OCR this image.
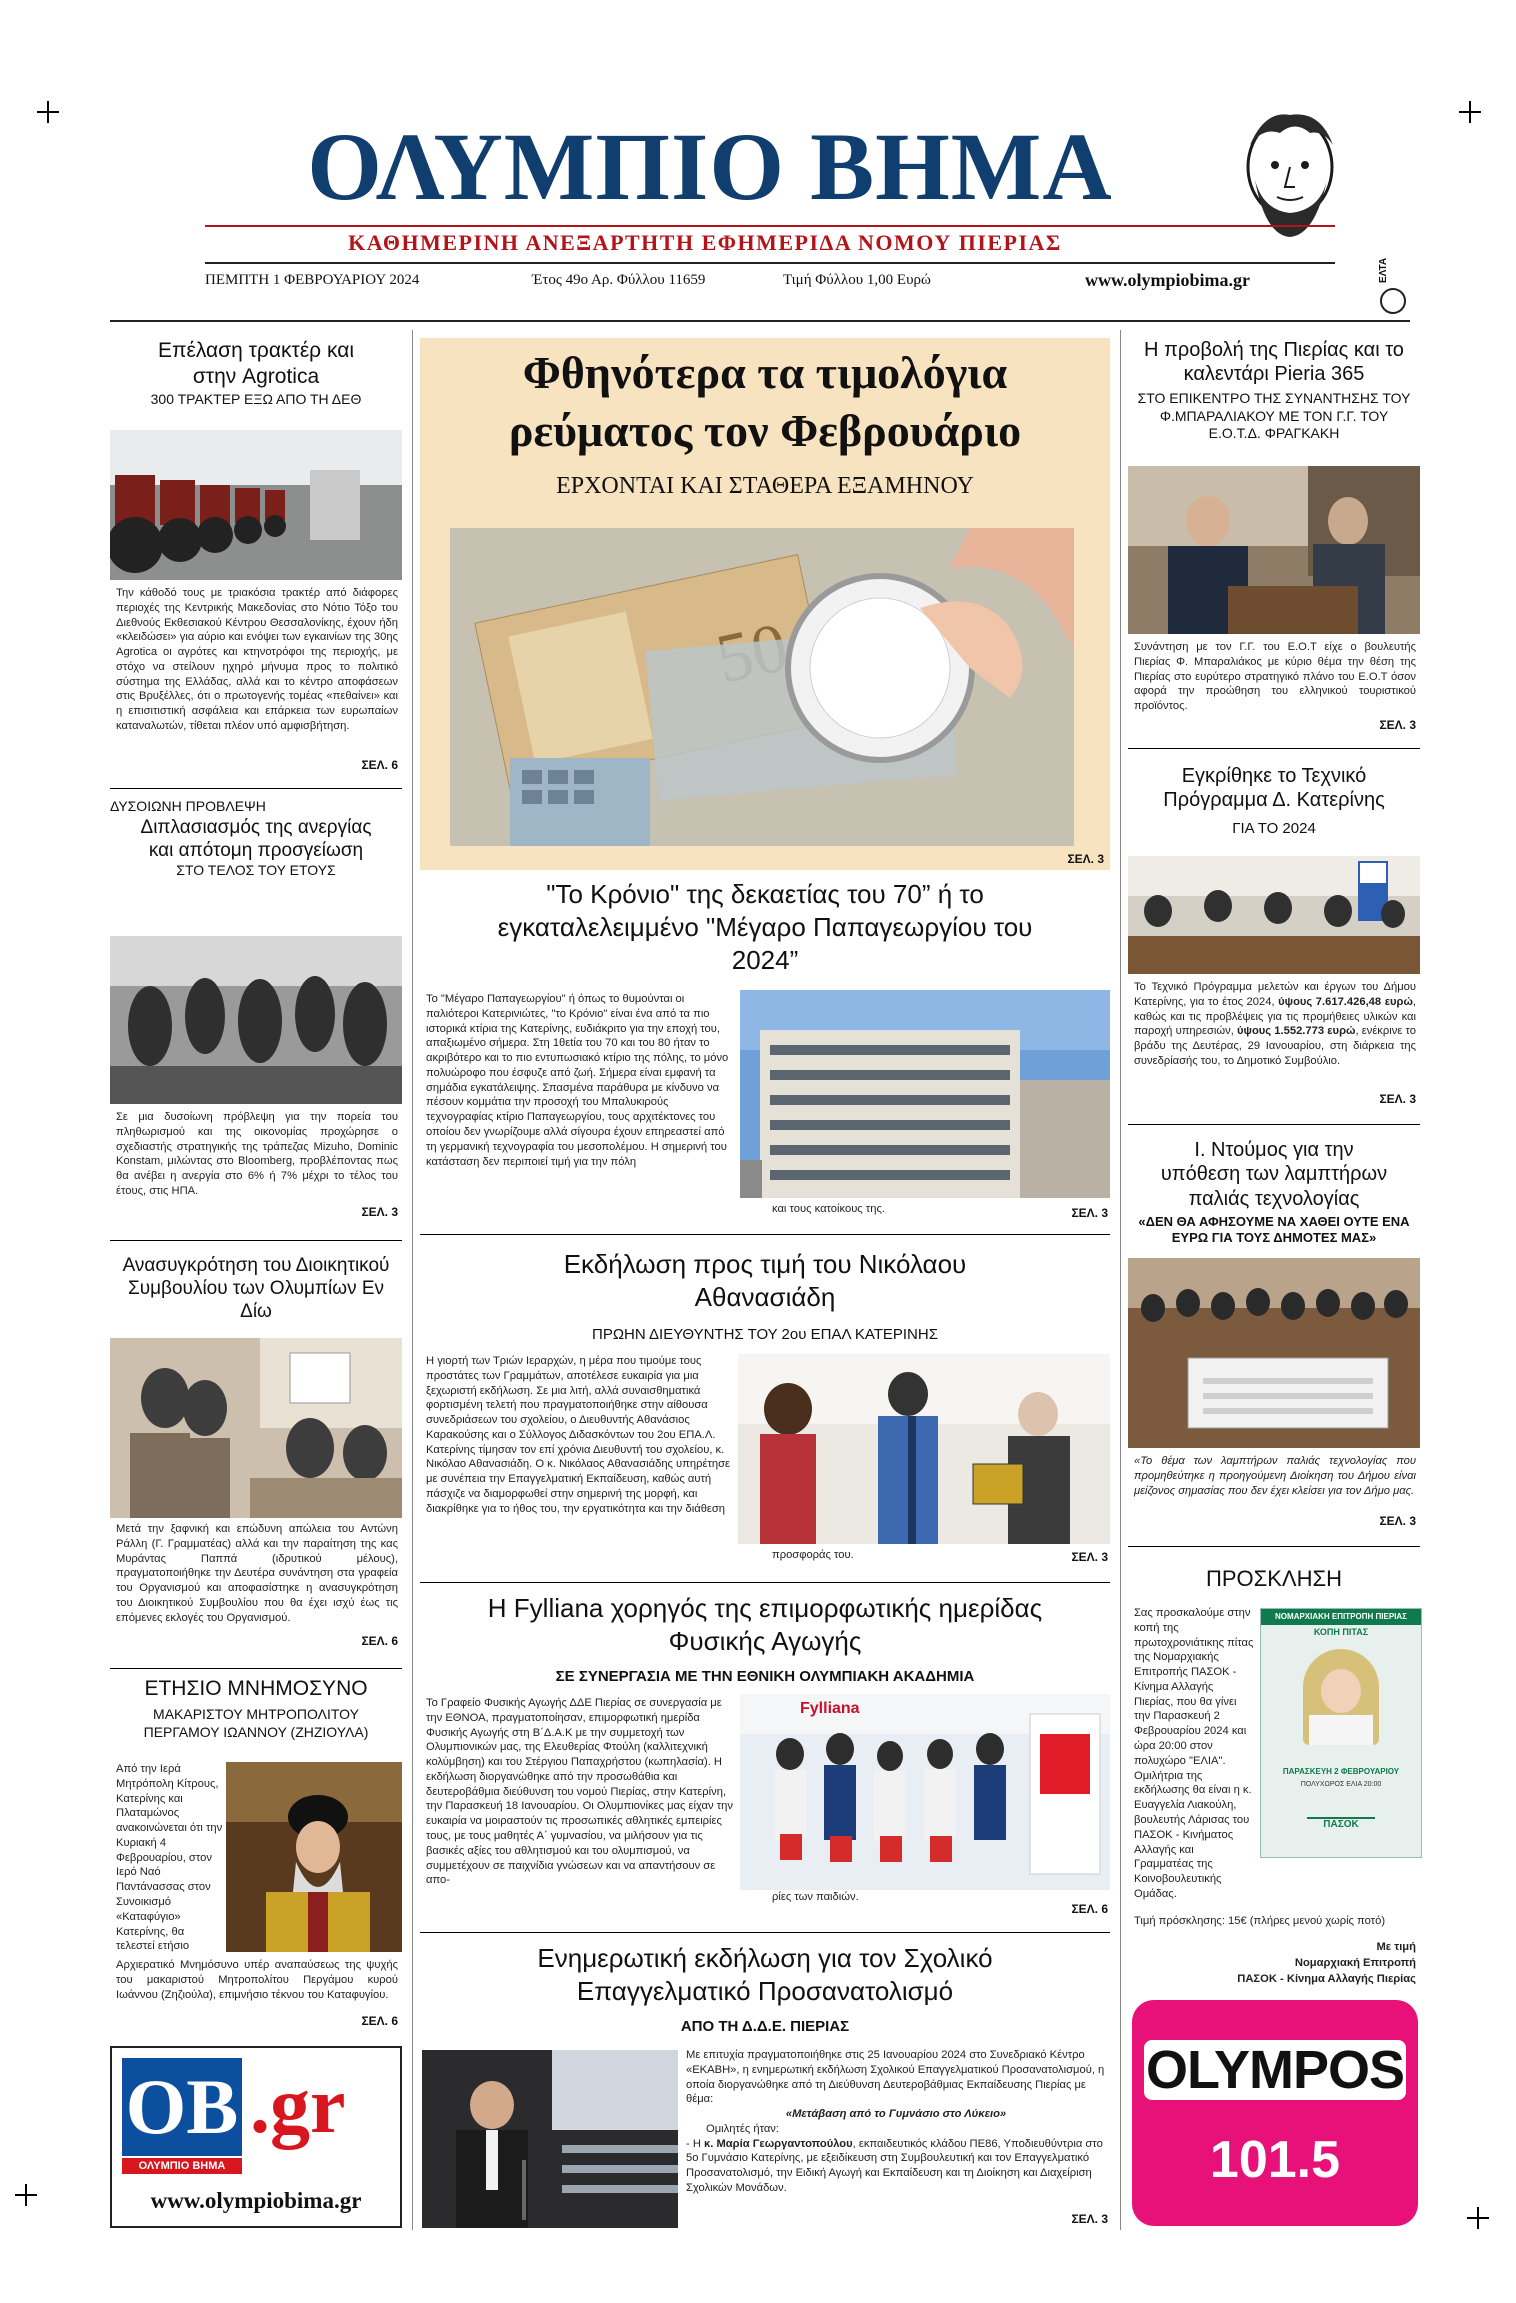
ΟΛΥΜΠΙΟ ΒΗΜΑ
ΚΑΘΗΜΕΡΙΝΗ ΑΝΕΞΑΡΤΗΤΗ ΕΦΗΜΕΡΙΔΑ ΝΟΜΟΥ ΠΙΕΡΙΑΣ
ΠΕΜΠΤΗ 1 ΦΕΒΡΟΥΑΡΙΟΥ 2024	Έτος 49ο Αρ. Φύλλου 11659	Τιμή Φύλλου 1,00 Ευρώ	www.olympiobima.gr	ΕΛΤΑ
Επέλαση τρακτέρ και στην Agrotica
300 ΤΡΑΚΤΕΡ ΕΞΩ ΑΠΟ ΤΗ ΔΕΘ
Την κάθοδό τους με τριακόσια τρακτέρ από διάφορες περιοχές της Κεντρικής Μακεδονίας στο Νότιο Τόξο του Διεθνούς Εκθεσιακού Κέντρου Θεσσαλονίκης, έχουν ήδη «κλειδώσει» για αύριο και ενόψει των εγκαινίων της 30ης Agrotica οι αγρότες και κτηνοτρόφοι της περιοχής, με στόχο να στείλουν ηχηρό μήνυμα προς το πολιτικό σύστημα της Ελλάδας, αλλά και το κέντρο αποφάσεων στις Βρυξέλλες, ότι ο πρωτογενής τομέας «πεθαίνει» και η επισιτιστική ασφάλεια και επάρκεια των ευρωπαίων καταναλωτών, τίθεται πλέον υπό αμφισβήτηση.
ΣΕΛ. 6
ΔΥΣΟΙΩΝΗ ΠΡΟΒΛΕΨΗ
Διπλασιασμός της ανεργίας και απότομη προσγείωση
ΣΤΟ ΤΕΛΟΣ ΤΟΥ ΕΤΟΥΣ
Σε μια δυσοίωνη πρόβλεψη για την πορεία του πληθωρισμού και της οικονομίας προχώρησε ο σχεδιαστής στρατηγικής της τράπεζας Mizuho, Dominic Konstam, μιλώντας στο Bloomberg, προβλέποντας πως θα ανέβει η ανεργία στο 6% ή 7% μέχρι το τέλος του έτους, στις ΗΠΑ.
ΣΕΛ. 3
Ανασυγκρότηση του Διοικητικού Συμβουλίου των Ολυμπίων Εν Δίω
Μετά την ξαφνική και επώδυνη απώλεια του Αντώνη Ράλλη (Γ. Γραμματέας) αλλά και την παραίτηση της κας Μυράντας Παππά (ιδρυτικού μέλους), πραγματοποιήθηκε την Δευτέρα συνάντηση στα γραφεία του Οργανισμού και αποφασίστηκε η ανασυγκρότηση του Διοικητικού Συμβουλίου που θα έχει ισχύ έως τις επόμενες εκλογές του Οργανισμού.
ΣΕΛ. 6
ΕΤΗΣΙΟ ΜΝΗΜΟΣΥΝΟ
ΜΑΚΑΡΙΣΤΟΥ ΜΗΤΡΟΠΟΛΙΤΟΥ ΠΕΡΓΑΜΟΥ ΙΩΑΝΝΟΥ (ΖΗΖΙΟΥΛΑ)
Από την Ιερά Μητρόπολη Κίτρους, Κατερίνης και Πλαταμώνος ανακοινώνεται ότι την Κυριακή 4 Φεβρουαρίου, στον Ιερό Ναό Παντάνασσας στον Συνοικισμό «Καταφύγιο» Κατερίνης, θα τελεστεί ετήσιο
Αρχιερατικό Μνημόσυνο υπέρ αναπαύσεως της ψυχής του μακαριστού Μητροπολίτου Περγάμου κυρού Ιωάννου (Ζηζιούλα), επιμνήσιο τέκνου του Καταφυγίου.
ΣΕΛ. 6
ΟΒ .gr
ΟΛΥΜΠΙΟ ΒΗΜΑ
www.olympiobima.gr
Φθηνότερα τα τιμολόγια ρεύματος τον Φεβρουάριο
ΕΡΧΟΝΤΑΙ ΚΑΙ ΣΤΑΘΕΡΑ ΕΞΑΜΗΝΟΥ
ΣΕΛ. 3
"Το Κρόνιο" της δεκαετίας του 70” ή το εγκαταλελειμμένο "Μέγαρο Παπαγεωργίου του 2024”
Το "Μέγαρο Παπαγεωργίου" ή όπως το θυμούνται οι παλιότεροι Κατερινιώτες, "το Κρόνιο" είναι ένα από τα πιο ιστορικά κτίρια της Κατερίνης, ευδιάκριτο για την εποχή του, απαξιωμένο σήμερα. Στη 1θεtία του 70 και του 80 ήταν το ακριβότερο και το πιο εντυπωσιακό κτίριο της πόλης, το μόνο πολυώροφο που έσφυζε από ζωή. Σήμερα είναι εμφανή τα σημάδια εγκατάλειψης. Σπασμένα παράθυρα με κίνδυνο να πέσουν κομμάτια την προσοχή του Μπαλυκιρούς τεχνογραφίας κτίριο Παπαγεωργίου, τους αρχιτέκτονες του οποίου δεν γνωρίζουμε αλλά σίγουρα έχουν επηρεαστεί από τη γερμανική τεχνογραφία του μεσοπολέμου. Η σημερινή του κατάσταση δεν περιποιεί τιμή για την πόλη
και τους κατοίκους της.	ΣΕΛ. 3
Εκδήλωση προς τιμή του Νικόλαου Αθανασιάδη
ΠΡΩΗΝ ΔΙΕΥΘΥΝΤΗΣ ΤΟΥ 2ου ΕΠΑΛ ΚΑΤΕΡΙΝΗΣ
Η γιορτή των Τριών Ιεραρχών, η μέρα που τιμούμε τους προστάτες των Γραμμάτων, αποτέλεσε ευκαιρία για μια ξεχωριστή εκδήλωση. Σε μια λιτή, αλλά συναισθηματικά φορτισμένη τελετή που πραγματοποιήθηκε στην αίθουσα συνεδριάσεων του σχολείου, ο Διευθυντής Αθανάσιος Καρακούσης και ο Σύλλογος Διδασκόντων του 2ου ΕΠΑ.Λ. Κατερίνης τίμησαν τον επί χρόνια Διευθυντή του σχολείου, κ. Νικόλαο Αθανασιάδη. Ο κ. Νικόλαος Αθανασιάδης υπηρέτησε με συνέπεια την Επαγγελματική Εκπαίδευση, καθώς αυτή πάσχιζε να διαμορφωθεί στην σημερινή της μορφή, και διακρίθηκε για το ήθος του, την εργατικότητα και την διάθεση
προσφοράς του.	ΣΕΛ. 3
Η Fylliana χορηγός της επιμορφωτικής ημερίδας Φυσικής Αγωγής
ΣΕ ΣΥΝΕΡΓΑΣΙΑ ΜΕ ΤΗΝ ΕΘΝΙΚΗ ΟΛΥΜΠΙΑΚΗ ΑΚΑΔΗΜΙΑ
Το Γραφείο Φυσικής Αγωγής ΔΔΕ Πιερίας σε συνεργασία με την ΕΘΝΟΑ, πραγματοποίησαν, επιμορφωτική ημερίδα Φυσικής Αγωγής στη Β΄Δ.Α.Κ με την συμμετοχή των Ολυμπιονικών μας, της Ελευθερίας Φτούλη (καλλιτεχνική κολύμβηση) και του Στέργιου Παπαχρήστου (κωπηλασία). Η εκδήλωση διοργανώθηκε από την προσωθάθια και δευτεροβάθμια διεύθυνση του νομού Πιερίας, στην Κατερίνη, την Παρασκευή 18 Ιανουαρίου. Οι Ολυμπιονίκες μας είχαν την ευκαιρία να μοιραστούν τις προσωπικές αθλητικές εμπειρίες τους, με τους μαθητές Α΄ γυμνασίου, να μιλήσουν για τις βασικές αξίες του αθλητισμού και του ολυμπισμού, να συμμετέχουν σε παιχνίδια γνώσεων και να απαντήσουν σε απο-
Fylliana
ρίες των παιδιών.
ΣΕΛ. 6
Ενημερωτική εκδήλωση για τον Σχολικό Επαγγελματικό Προσανατολισμό
ΑΠΟ ΤΗ Δ.Δ.Ε. ΠΙΕΡΙΑΣ
Με επιτυχία πραγματοποιήθηκε στις 25 Ιανουαρίου 2024 στο Συνεδριακό Κέντρο «ΕΚΑΒΗ», η ενημερωτική εκδήλωση Σχολικού Επαγγελματικού Προσανατολισμού, η οποία διοργανώθηκε από τη Διεύθυνση Δευτεροβάθμιας Εκπαίδευσης Πιερίας με θέμα:

«Μετάβαση από το Γυμνάσιο στο Λύκειο»
Ομιλητές ήταν:
- Η κ. Μαρία Γεωργαντοπούλου, εκπαιδευτικός κλάδου ΠΕ86, Υποδιευθύντρια στο 5ο Γυμνάσιο Κατερίνης, με εξειδίκευση στη Συμβουλευτική και τον Επαγγελματικό Προσανατολισμό, την Ειδική Αγωγή και Εκπαίδευση και τη Διοίκηση και Διαχείριση Σχολικών Μονάδων.
ΣΕΛ. 3
Η προβολή της Πιερίας και το καλεντάρι Pieria 365
ΣΤΟ ΕΠΙΚΕΝΤΡΟ ΤΗΣ ΣΥΝΑΝΤΗΣΗΣ ΤΟΥ Φ.ΜΠΑΡΑΛΙΑΚΟΥ ΜΕ ΤΟΝ Γ.Γ. ΤΟΥ Ε.Ο.Τ.Δ. ΦΡΑΓΚΑΚΗ
Συνάντηση με τον Γ.Γ. του Ε.Ο.Τ είχε ο βουλευτής Πιερίας Φ. Μπαραλιάκος με κύριο θέμα την θέση της Πιερίας στο ευρύτερο στρατηγικό πλάνο του Ε.Ο.Τ όσον αφορά την προώθηση του ελληνικού τουριστικού προϊόντος.
ΣΕΛ. 3
Εγκρίθηκε το Τεχνικό Πρόγραμμα Δ. Κατερίνης
ΓΙΑ ΤΟ 2024
Το Τεχνικό Πρόγραμμα μελετών και έργων του Δήμου Κατερίνης, για το έτος 2024, ύψους 7.617.426,48 ευρώ, καθώς και τις προβλέψεις για τις προμήθειες υλικών και παροχή υπηρεσιών, ύψους 1.552.773 ευρώ, ενέκρινε το βράδυ της Δευτέρας, 29 Ιανουαρίου, στη διάρκεια της συνεδρίασής του, το Δημοτικό Συμβούλιο.
ΣΕΛ. 3
Ι. Ντούμος για την υπόθεση των λαμπτήρων παλιάς τεχνολογίας
«ΔΕΝ ΘΑ ΑΦΗΣΟΥΜΕ ΝΑ ΧΑΘΕΙ ΟΥΤΕ ΕΝΑ ΕΥΡΩ ΓΙΑ ΤΟΥΣ ΔΗΜΟΤΕΣ ΜΑΣ»
«Το θέμα των λαμπτήρων παλιάς τεχνολογίας που προμηθεύτηκε η προηγούμενη Διοίκηση του Δήμου είναι μείζονος σημασίας που δεν έχει κλείσει για τον Δήμο μας.
ΣΕΛ. 3
ΠΡΟΣΚΛΗΣΗ
Σας προσκαλούμε στην κοπή της πρωτοχρονιάτικης πίτας της Νομαρχιακής Επιτροπής ΠΑΣΟΚ - Κίνημα Αλλαγής Πιερίας, που θα γίνει την Παρασκευή 2 Φεβρουαρίου 2024 και ώρα 20:00 στον πολυχώρο "ΕΛΙΑ". Ομιλήτρια της εκδήλωσης θα είναι η κ. Ευαγγελία Λιακούλη, βουλευτής Λάρισας του ΠΑΣΟΚ - Κινήματος Αλλαγής και Γραμματέας της Κοινοβουλευτικής Ομάδας.
ΝΟΜΑΡΧΙΑΚΗ ΕΠΙΤΡΟΠΗ ΠΙΕΡΙΑΣ
ΚΟΠΗ ΠΙΤΑΣ
ΠΑΡΑΣΚΕΥΗ 2 ΦΕΒΡΟΥΑΡΙΟΥ
ΠΟΛΥΧΩΡΟΣ ΕΛΙΑ 20:00
ΠΑΣΟΚ
Τιμή πρόσκλησης: 15€ (πλήρες μενού χωρίς ποτό)
Με τιμή
Νομαρχιακή Επιτροπή
ΠΑΣΟΚ - Κίνημα Αλλαγής Πιερίας
OLYMPOS
101.5
